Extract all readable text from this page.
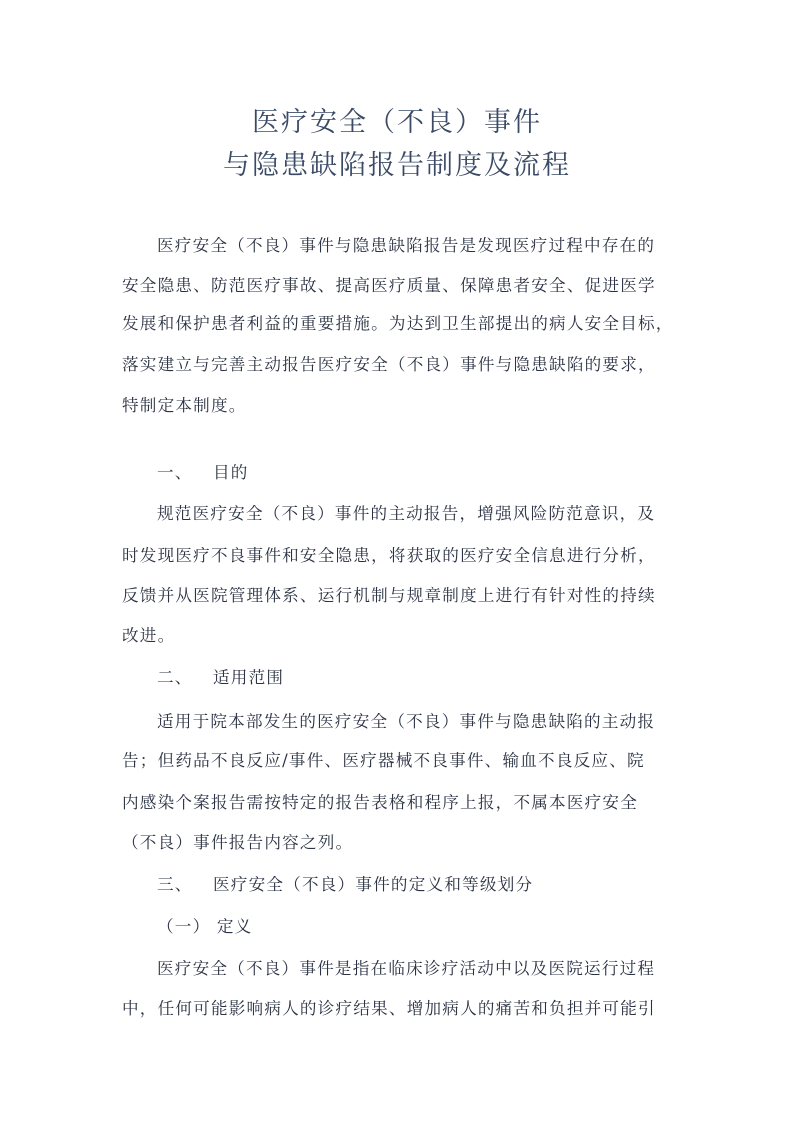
医疗安全（不良）事件
与隐患缺陷报告制度及流程
医疗安全（不良）事件与隐患缺陷报告是发现医疗过程中存在的
安全隐患、防范医疗事故、提高医疗质量、保障患者安全、促进医学
发展和保护患者利益的重要措施。为达到卫生部提出的病人安全目标，
落实建立与完善主动报告医疗安全（不良）事件与隐患缺陷的要求，
特制定本制度。
一、 目的
规范医疗安全（不良）事件的主动报告，增强风险防范意识，及
时发现医疗不良事件和安全隐患，将获取的医疗安全信息进行分析，
反馈并从医院管理体系、运行机制与规章制度上进行有针对性的持续
改进。
二、 适用范围
适用于院本部发生的医疗安全（不良）事件与隐患缺陷的主动报
告；但药品不良反应/事件、医疗器械不良事件、输血不良反应、院
内感染个案报告需按特定的报告表格和程序上报，不属本医疗安全
（不良）事件报告内容之列。
三、 医疗安全（不良）事件的定义和等级划分
（一） 定义
医疗安全（不良）事件是指在临床诊疗活动中以及医院运行过程
中，任何可能影响病人的诊疗结果、增加病人的痛苦和负担并可能引
